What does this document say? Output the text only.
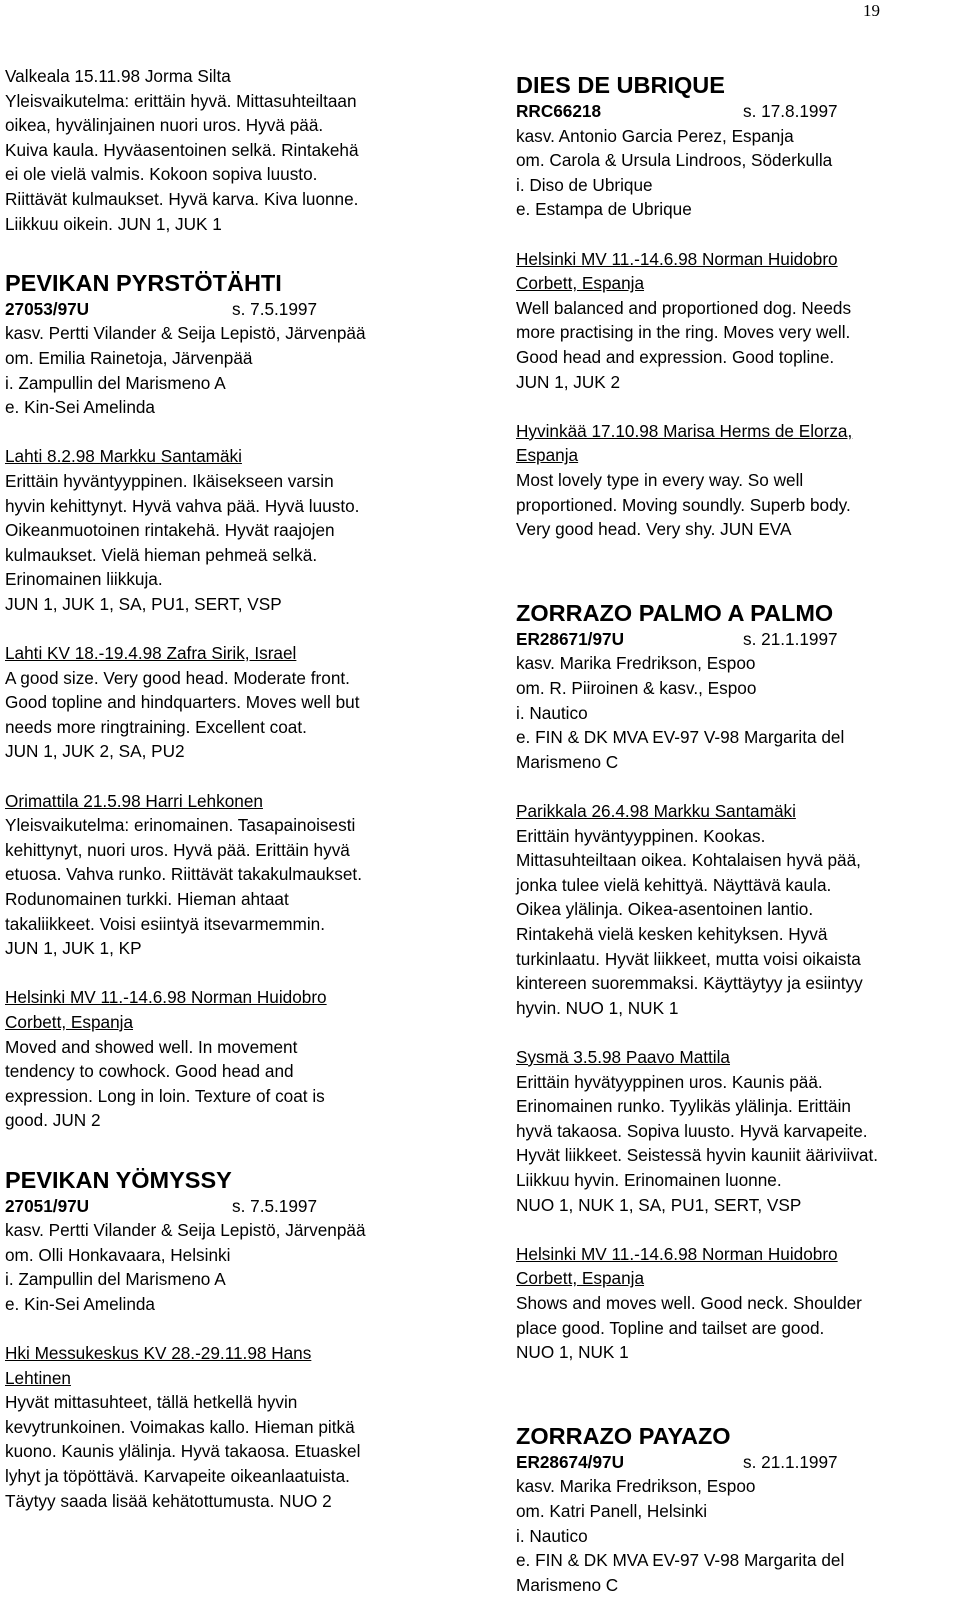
19
Valkeala 15.11.98 Jorma Silta
Yleisvaikutelma: erittäin hyvä. Mittasuhteiltaan
oikea, hyvälinjainen nuori uros. Hyvä pää.
Kuiva kaula. Hyväasentoinen selkä. Rintakehä
ei ole vielä valmis. Kokoon sopiva luusto.
Riittävät kulmaukset. Hyvä karva. Kiva luonne.
Liikkuu oikein. JUN 1, JUK 1
PEVIKAN PYRSTÖTÄHTI
27053/97U	s. 7.5.1997
kasv. Pertti Vilander & Seija Lepistö, Järvenpää
om. Emilia Rainetoja, Järvenpää
i. Zampullin del Marismeno A
e. Kin-Sei Amelinda
Lahti 8.2.98 Markku Santamäki
Erittäin hyväntyyppinen. Ikäisekseen varsin
hyvin kehittynyt. Hyvä vahva pää. Hyvä luusto.
Oikeanmuotoinen rintakehä. Hyvät raajojen
kulmaukset. Vielä hieman pehmeä selkä.
Erinomainen liikkuja.
JUN 1, JUK 1, SA, PU1, SERT, VSP
Lahti KV 18.-19.4.98 Zafra Sirik, Israel
A good size. Very good head. Moderate front.
Good topline and hindquarters. Moves well but
needs more ringtraining. Excellent coat.
JUN 1, JUK 2, SA, PU2
Orimattila 21.5.98 Harri Lehkonen
Yleisvaikutelma: erinomainen. Tasapainoisesti
kehittynyt, nuori uros. Hyvä pää. Erittäin hyvä
etuosa. Vahva runko. Riittävät takakulmaukset.
Rodunomainen turkki. Hieman ahtaat
takaliikkeet. Voisi esiintyä itsevarmemmin.
JUN 1, JUK 1, KP
Helsinki MV 11.-14.6.98 Norman Huidobro
Corbett, Espanja
Moved and showed well. In movement
tendency to cowhock. Good head and
expression. Long in loin. Texture of coat is
good. JUN 2
PEVIKAN YÖMYSSY
27051/97U	s. 7.5.1997
kasv. Pertti Vilander & Seija Lepistö, Järvenpää
om. Olli Honkavaara, Helsinki
i. Zampullin del Marismeno A
e. Kin-Sei Amelinda
Hki Messukeskus KV 28.-29.11.98 Hans
Lehtinen
Hyvät mittasuhteet, tällä hetkellä hyvin
kevytrunkoinen. Voimakas kallo. Hieman pitkä
kuono. Kaunis ylälinja. Hyvä takaosa. Etuaskel
lyhyt ja töpöttävä. Karvapeite oikeanlaatuista.
Täytyy saada lisää kehätottumusta. NUO 2
DIES DE UBRIQUE
RRC66218	s. 17.8.1997
kasv. Antonio Garcia Perez, Espanja
om. Carola & Ursula Lindroos, Söderkulla
i. Diso de Ubrique
e. Estampa de Ubrique
Helsinki MV 11.-14.6.98 Norman Huidobro
Corbett, Espanja
Well balanced and proportioned dog. Needs
more practising in the ring. Moves very well.
Good head and expression. Good topline.
JUN 1, JUK 2
Hyvinkää 17.10.98 Marisa Herms de Elorza,
Espanja
Most lovely type in every way. So well
proportioned. Moving soundly. Superb body.
Very good head. Very shy. JUN EVA
ZORRAZO PALMO A PALMO
ER28671/97U	s. 21.1.1997
kasv. Marika Fredrikson, Espoo
om. R. Piiroinen & kasv., Espoo
i. Nautico
e. FIN & DK MVA EV-97 V-98 Margarita del
Marismeno C
Parikkala 26.4.98 Markku Santamäki
Erittäin hyväntyyppinen. Kookas.
Mittasuhteiltaan oikea. Kohtalaisen hyvä pää,
jonka tulee vielä kehittyä. Näyttävä kaula.
Oikea ylälinja. Oikea-asentoinen lantio.
Rintakehä vielä kesken kehityksen. Hyvä
turkinlaatu. Hyvät liikkeet, mutta voisi oikaista
kintereen suoremmaksi. Käyttäytyy ja esiintyy
hyvin. NUO 1, NUK 1
Sysmä 3.5.98 Paavo Mattila
Erittäin hyvätyyppinen uros. Kaunis pää.
Erinomainen runko. Tyylikäs ylälinja. Erittäin
hyvä takaosa. Sopiva luusto. Hyvä karvapeite.
Hyvät liikkeet. Seistessä hyvin kauniit ääriviivat.
Liikkuu hyvin. Erinomainen luonne.
NUO 1, NUK 1, SA, PU1, SERT, VSP
Helsinki MV 11.-14.6.98 Norman Huidobro
Corbett, Espanja
Shows and moves well. Good neck. Shoulder
place good. Topline and tailset are good.
NUO 1, NUK 1
ZORRAZO PAYAZO
ER28674/97U	s. 21.1.1997
kasv. Marika Fredrikson, Espoo
om. Katri Panell, Helsinki
i. Nautico
e. FIN & DK MVA EV-97 V-98 Margarita del
Marismeno C
